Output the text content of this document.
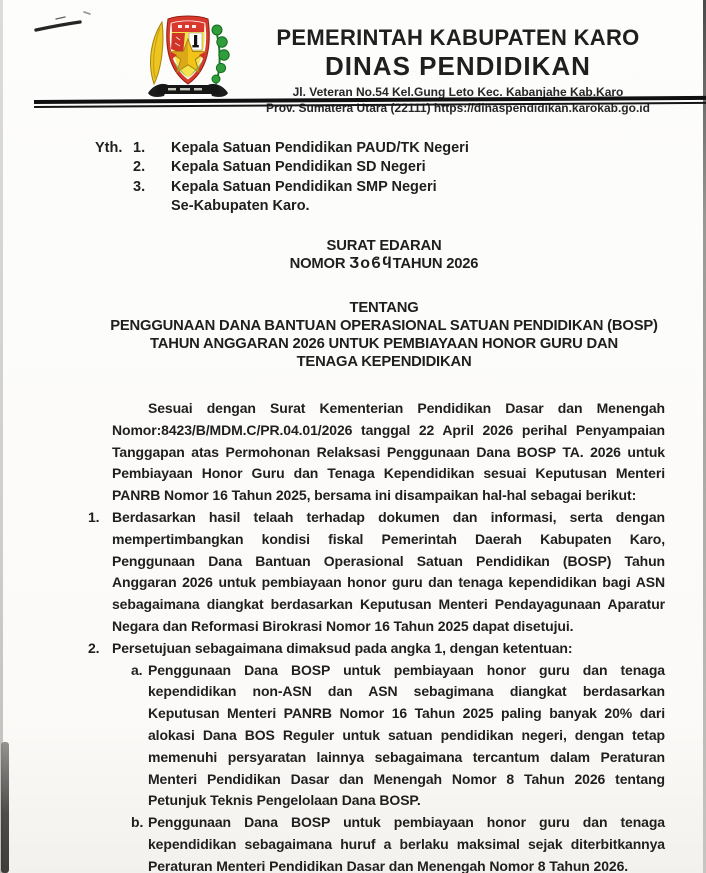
PEMERINTAH KABUPATEN KARO
DINAS PENDIDIKAN
Jl. Veteran No.54 Kel.Gung Leto Kec. Kabanjahe Kab.Karo
Prov. Sumatera Utara (22111) https://dinaspendidikan.karokab.go.id
Yth. 1.	Kepala Satuan Pendidikan PAUD/TK Negeri
2.	Kepala Satuan Pendidikan SD Negeri
3.	Kepala Satuan Pendidikan SMP Negeri
Se-Kabupaten Karo.
SURAT EDARAN
NOMOR ӠoϐϥTAHUN 2026
TENTANG
PENGGUNAAN DANA BANTUAN OPERASIONAL SATUAN PENDIDIKAN (BOSP)
TAHUN ANGGARAN 2026 UNTUK PEMBIAYAAN HONOR GURU DAN
TENAGA KEPENDIDIKAN

Sesuai dengan Surat Kementerian Pendidikan Dasar dan Menengah Nomor:8423/B/MDM.C/PR.04.01/2026 tanggal 22 April 2026 perihal Penyampaian Tanggapan atas Permohonan Relaksasi Penggunaan Dana BOSP TA. 2026 untuk Pembiayaan Honor Guru dan Tenaga Kependidikan sesuai Keputusan Menteri PANRB Nomor 16 Tahun 2025, bersama ini disampaikan hal-hal sebagai berikut:

1. Berdasarkan hasil telaah terhadap dokumen dan informasi, serta dengan mempertimbangkan kondisi fiskal Pemerintah Daerah Kabupaten Karo, Penggunaan Dana Bantuan Operasional Satuan Pendidikan (BOSP) Tahun Anggaran 2026 untuk pembiayaan honor guru dan tenaga kependidikan bagi ASN sebagaimana diangkat berdasarkan Keputusan Menteri Pendayagunaan Aparatur Negara dan Reformasi Birokrasi Nomor 16 Tahun 2025 dapat disetujui.
2. Persetujuan sebagaimana dimaksud pada angka 1, dengan ketentuan:
a. Penggunaan Dana BOSP untuk pembiayaan honor guru dan tenaga kependidikan non-ASN dan ASN sebagimana diangkat berdasarkan Keputusan Menteri PANRB Nomor 16 Tahun 2025 paling banyak 20% dari alokasi Dana BOS Reguler untuk satuan pendidikan negeri, dengan tetap memenuhi persyaratan lainnya sebagaimana tercantum dalam Peraturan Menteri Pendidikan Dasar dan Menengah Nomor 8 Tahun 2026 tentang Petunjuk Teknis Pengelolaan Dana BOSP.
b. Penggunaan Dana BOSP untuk pembiayaan honor guru dan tenaga kependidikan sebagaimana huruf a berlaku maksimal sejak diterbitkannya Peraturan Menteri Pendidikan Dasar dan Menengah Nomor 8 Tahun 2026.
